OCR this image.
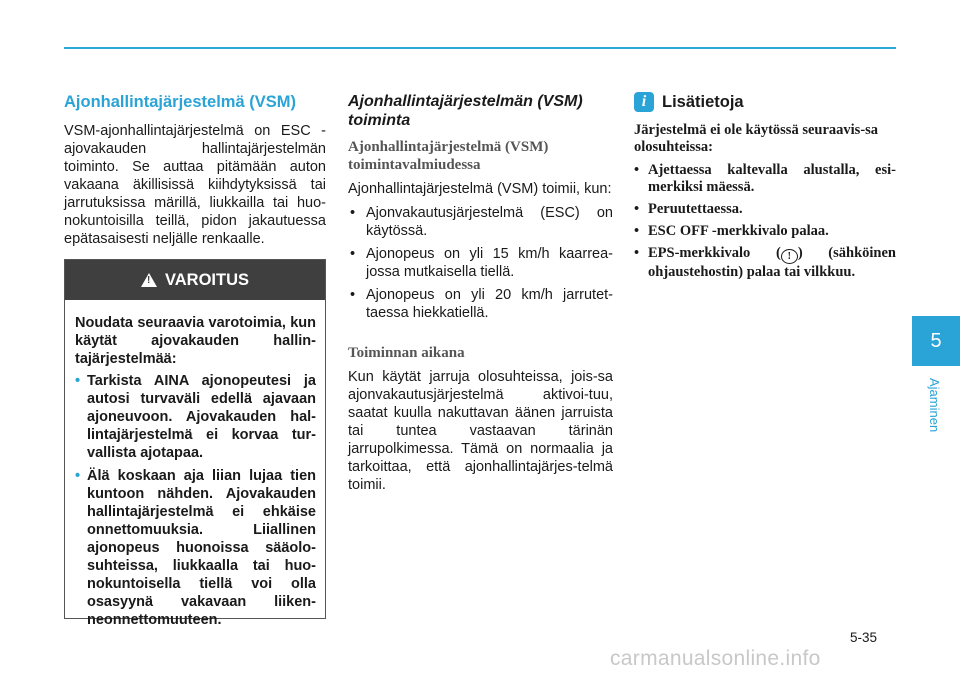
Ajonhallintajärjestelmä (VSM)

VSM-ajonhallintajärjestelmä on ESC -ajovakauden hallintajärjestelmän toiminto. Se auttaa pitämään auton vakaana äkillisissä kiihdytyksissä tai jarrutuksissa märillä, liukkailla tai huo-nokuntoisilla teillä, pidon jakautuessa epätasaisesti neljälle renkaalle.

! VAROITUS

Noudata seuraavia varotoimia, kun käytät ajovakauden hallin-tajärjestelmää:

• Tarkista AINA ajonopeutesi ja autosi turvaväli edellä ajavaan ajoneuvoon. Ajovakauden hal-lintajärjestelmä ei korvaa tur-vallista ajotapaa.
• Älä koskaan aja liian lujaa tien kuntoon nähden. Ajovakauden hallintajärjestelmä ei ehkäise onnettomuuksia. Liiallinen ajonopeus huonoissa sääolo-suhteissa, liukkaalla tai huo-nokuntoisella tiellä voi olla osasyynä vakavaan liiken-neonnettomuuteen.
Ajonhallintajärjestelmän (VSM) toiminta
Ajonhallintajärjestelmä (VSM) toimintavalmiudessa

Ajonhallintajärjestelmä (VSM) toimii, kun:

• Ajonvakautusjärjestelmä (ESC) on käytössä.
• Ajonopeus on yli 15 km/h kaarrea-jossa mutkaisella tiellä.
• Ajonopeus on yli 20 km/h jarrutet-taessa hiekkatiellä.
Toiminnan aikana

Kun käytät jarruja olosuhteissa, jois-sa ajonvakautusjärjestelmä aktivoi-tuu, saatat kuulla nakuttavan äänen jarruista tai tuntea vastaavan tärinän jarrupolkimessa. Tämä on normaalia ja tarkoittaa, että ajonhallintajärjes-telmä toimii.

i Lisätietoja

Järjestelmä ei ole käytössä seuraavis-sa olosuhteissa:

• Ajettaessa kaltevalla alustalla, esi-merkiksi mäessä.
• Peruutettaessa.
• ESC OFF -merkkivalo palaa.
• EPS-merkkivalo ( ! ) (sähköinen ohjaustehostin) palaa tai vilkkuu.
5
Ajaminen
5-35
carmanualsonline.info
